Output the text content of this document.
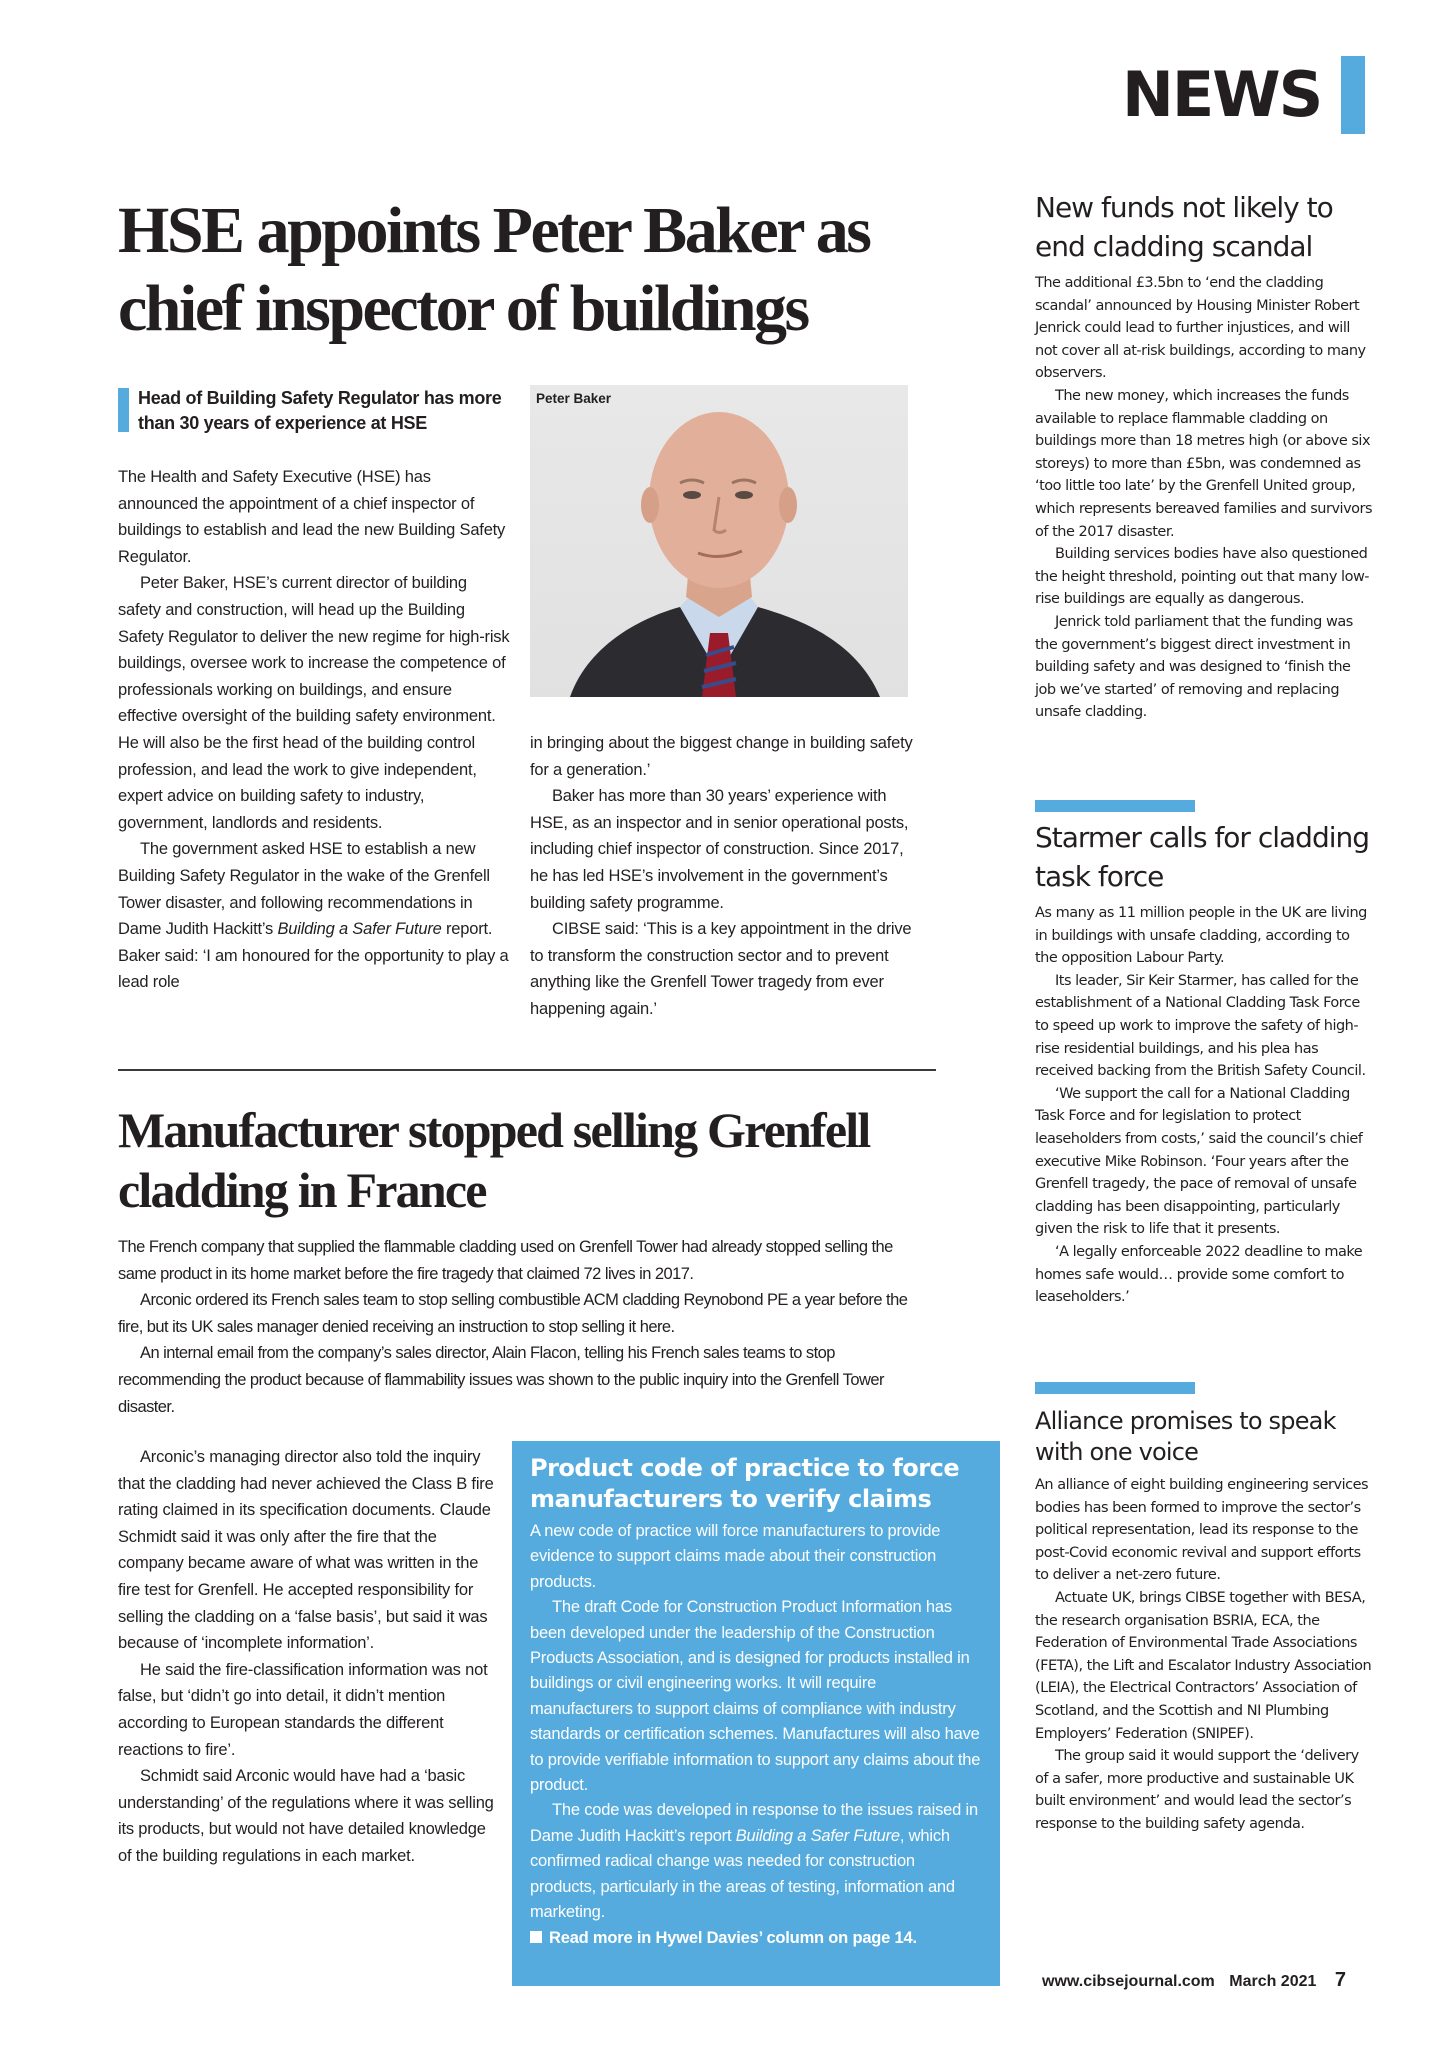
NEWS
HSE appoints Peter Baker as chief inspector of buildings
Head of Building Safety Regulator has more than 30 years of experience at HSE
Peter Baker

The Health and Safety Executive (HSE) has announced the appointment of a chief inspector of buildings to establish and lead the new Building Safety Regulator.

Peter Baker, HSE’s current director of building safety and construction, will head up the Building Safety Regulator to deliver the new regime for high-risk buildings, oversee work to increase the competence of professionals working on buildings, and ensure effective oversight of the building safety environment. He will also be the first head of the building control profession, and lead the work to give independent, expert advice on building safety to industry, government, landlords and residents.

The government asked HSE to establish a new Building Safety Regulator in the wake of the Grenfell Tower disaster, and following recommendations in Dame Judith Hackitt’s Building a Safer Future report. Baker said: ‘I am honoured for the opportunity to play a lead role

in bringing about the biggest change in building safety for a generation.’

Baker has more than 30 years’ experience with HSE, as an inspector and in senior operational posts, including chief inspector of construction. Since 2017, he has led HSE’s involvement in the government’s building safety programme.

CIBSE said: ‘This is a key appointment in the drive to transform the construction sector and to prevent anything like the Grenfell Tower tragedy from ever happening again.’

Manufacturer stopped selling Grenfell cladding in France

The French company that supplied the flammable cladding used on Grenfell Tower had already stopped selling the same product in its home market before the fire tragedy that claimed 72 lives in 2017.

Arconic ordered its French sales team to stop selling combustible ACM cladding Reynobond PE a year before the fire, but its UK sales manager denied receiving an instruction to stop selling it here.

An internal email from the company’s sales director, Alain Flacon, telling his French sales teams to stop recommending the product because of flammability issues was shown to the public inquiry into the Grenfell Tower disaster.

Arconic’s managing director also told the inquiry that the cladding had never achieved the Class B fire rating claimed in its specification documents. Claude Schmidt said it was only after the fire that the company became aware of what was written in the fire test for Grenfell. He accepted responsibility for selling the cladding on a ‘false basis’, but said it was because of ‘incomplete information’.

He said the fire-classification information was not false, but ‘didn’t go into detail, it didn’t mention according to European standards the different reactions to fire’.

Schmidt said Arconic would have had a ‘basic understanding’ of the regulations where it was selling its products, but would not have detailed knowledge of the building regulations in each market.

Product code of practice to force manufacturers to verify claims

A new code of practice will force manufacturers to provide evidence to support claims made about their construction products.

The draft Code for Construction Product Information has been developed under the leadership of the Construction Products Association, and is designed for products installed in buildings or civil engineering works. It will require manufacturers to support claims of compliance with industry standards or certification schemes. Manufactures will also have to provide verifiable information to support any claims about the product.

The code was developed in response to the issues raised in Dame Judith Hackitt’s report Building a Safer Future, which confirmed radical change was needed for construction products, particularly in the areas of testing, information and marketing.

Read more in Hywel Davies’ column on page 14.

New funds not likely to end cladding scandal

The additional £3.5bn to ‘end the cladding scandal’ announced by Housing Minister Robert Jenrick could lead to further injustices, and will not cover all at-risk buildings, according to many observers.

The new money, which increases the funds available to replace flammable cladding on buildings more than 18 metres high (or above six storeys) to more than £5bn, was condemned as ‘too little too late’ by the Grenfell United group, which represents bereaved families and survivors of the 2017 disaster.

Building services bodies have also questioned the height threshold, pointing out that many low-rise buildings are equally as dangerous.

Jenrick told parliament that the funding was the government’s biggest direct investment in building safety and was designed to ‘finish the job we’ve started’ of removing and replacing unsafe cladding.

Starmer calls for cladding task force

As many as 11 million people in the UK are living in buildings with unsafe cladding, according to the opposition Labour Party.

Its leader, Sir Keir Starmer, has called for the establishment of a National Cladding Task Force to speed up work to improve the safety of high-rise residential buildings, and his plea has received backing from the British Safety Council.

‘We support the call for a National Cladding Task Force and for legislation to protect leaseholders from costs,’ said the council’s chief executive Mike Robinson. ‘Four years after the Grenfell tragedy, the pace of removal of unsafe cladding has been disappointing, particularly given the risk to life that it presents.

‘A legally enforceable 2022 deadline to make homes safe would… provide some comfort to leaseholders.’

Alliance promises to speak with one voice

An alliance of eight building engineering services bodies has been formed to improve the sector’s political representation, lead its response to the post-Covid economic revival and support efforts to deliver a net-zero future.

Actuate UK, brings CIBSE together with BESA, the research organisation BSRIA, ECA, the Federation of Environmental Trade Associations (FETA), the Lift and Escalator Industry Association (LEIA), the Electrical Contractors’ Association of Scotland, and the Scottish and NI Plumbing Employers’ Federation (SNIPEF).

The group said it would support the ‘delivery of a safer, more productive and sustainable UK built environment’ and would lead the sector’s response to the building safety agenda.

www.cibsejournal.com March 2021 7
